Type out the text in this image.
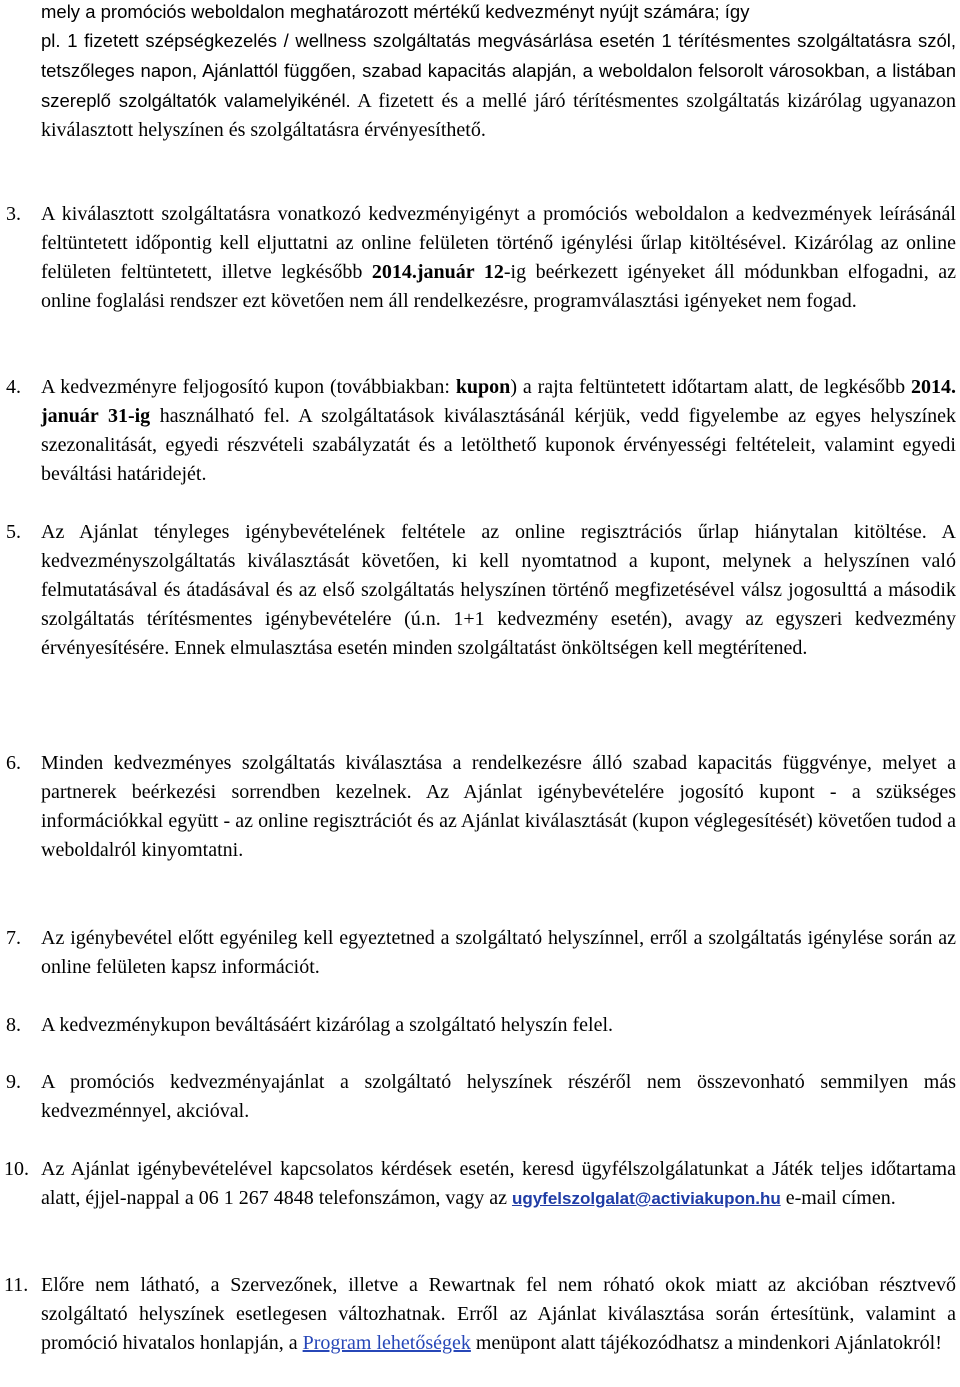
mely a promóciós weboldalon meghatározott mértékű kedvezményt nyújt számára; így
pl. 1 fizetett szépségkezelés / wellness szolgáltatás megvásárlása esetén 1 térítésmentes szolgáltatásra szól, tetszőleges napon, Ajánlattól függően, szabad kapacitás alapján, a weboldalon felsorolt városokban, a listában szereplő szolgáltatók valamelyikénél. A fizetett és a mellé járó térítésmentes szolgáltatás kizárólag ugyanazon kiválasztott helyszínen és szolgáltatásra érvényesíthető.
3. A kiválasztott szolgáltatásra vonatkozó kedvezményigényt a promóciós weboldalon a kedvezmények leírásánál feltüntetett időpontig kell eljuttatni az online felületen történő igénylési űrlap kitöltésével. Kizárólag az online felületen feltüntetett, illetve legkésőbb 2014.január 12-ig beérkezett igényeket áll módunkban elfogadni, az online foglalási rendszer ezt követően nem áll rendelkezésre, programválasztási igényeket nem fogad.
4. A kedvezményre feljogosító kupon (továbbiakban: kupon) a rajta feltüntetett időtartam alatt, de legkésőbb 2014. január 31-ig használható fel. A szolgáltatások kiválasztásánál kérjük, vedd figyelembe az egyes helyszínek szezonalitását, egyedi részvételi szabályzatát és a letölthető kuponok érvényességi feltételeit, valamint egyedi beváltási határidejét.
5. Az Ajánlat tényleges igénybevételének feltétele az online regisztrációs űrlap hiánytalan kitöltése. A kedvezményszolgáltatás kiválasztását követően, ki kell nyomtatnod a kupont, melynek a helyszínen való felmutatásával és átadásával és az első szolgáltatás helyszínen történő megfizetésével válsz jogosulttá a második szolgáltatás térítésmentes igénybevételére (ú.n. 1+1 kedvezmény esetén), avagy az egyszeri kedvezmény érvényesítésére. Ennek elmulasztása esetén minden szolgáltatást önköltségen kell megtérítened.
6. Minden kedvezményes szolgáltatás kiválasztása a rendelkezésre álló szabad kapacitás függvénye, melyet a partnerek beérkezési sorrendben kezelnek. Az Ajánlat igénybevételére jogosító kupont - a szükséges információkkal együtt - az online regisztrációt és az Ajánlat kiválasztását (kupon véglegesítését) követően tudod a weboldalról kinyomtatni.
7. Az igénybevétel előtt egyénileg kell egyeztetned a szolgáltató helyszínnel, erről a szolgáltatás igénylése során az online felületen kapsz információt.
8. A kedvezménykupon beváltásáért kizárólag a szolgáltató helyszín felel.
9. A promóciós kedvezményajánlat a szolgáltató helyszínek részéről nem összevonható semmilyen más kedvezménnyel, akcióval.
10. Az Ajánlat igénybevételével kapcsolatos kérdések esetén, keresd ügyfélszolgálatunkat a Játék teljes időtartama alatt, éjjel-nappal a 06 1 267 4848 telefonszámon, vagy az ugyfelszolgalat@activiakupon.hu e-mail címen.
11. Előre nem látható, a Szervezőnek, illetve a Rewartnak fel nem róható okok miatt az akcióban résztvevő szolgáltató helyszínek esetlegesen változhatnak. Erről az Ajánlat kiválasztása során értesítünk, valamint a promóció hivatalos honlapján, a Program lehetőségek menüpont alatt tájékozódhatsz a mindenkori Ajánlatokról!
